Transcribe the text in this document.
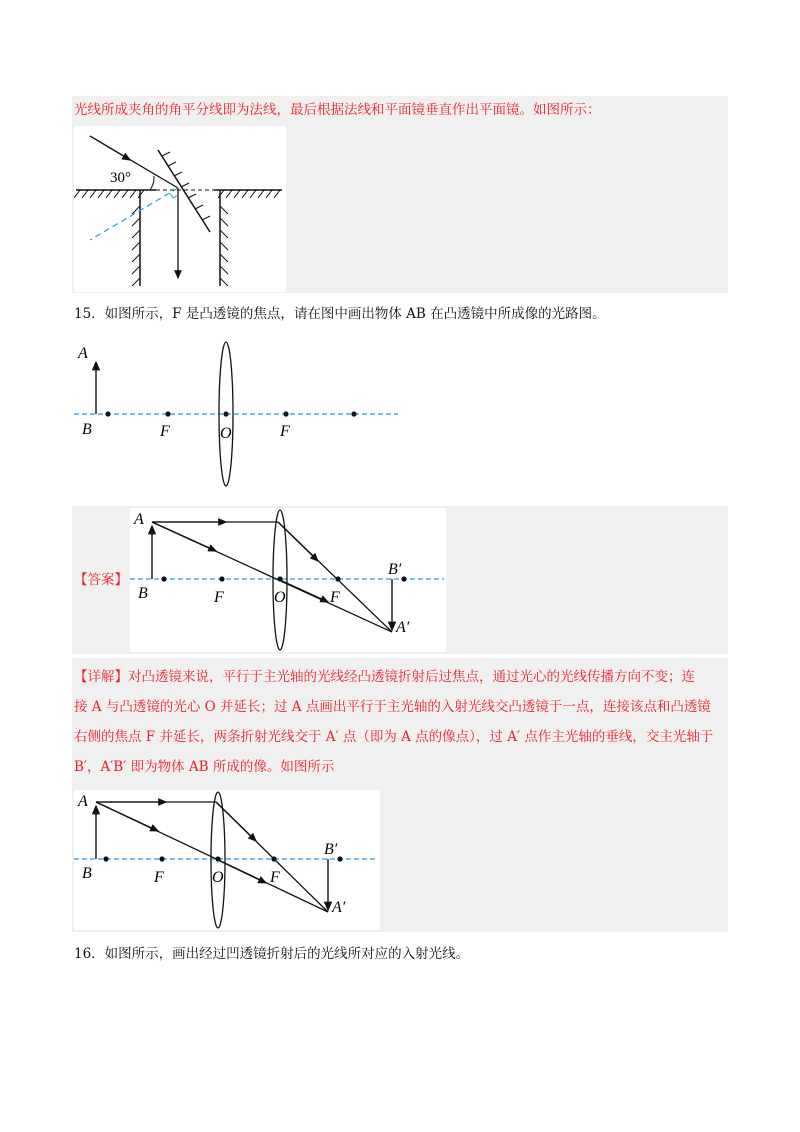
光线所成夹角的角平分线即为法线，最后根据法线和平面镜垂直作出平面镜。如图所示：
30°
15．如图所示，F 是凸透镜的焦点，请在图中画出物体 AB 在凸透镜中所成像的光路图。
A
B	F	O	F
【答案】
A
B	F	O	F
B′
A′
【详解】对凸透镜来说，平行于主光轴的光线经凸透镜折射后过焦点，通过光心的光线传播方向不变；连
接 A 与凸透镜的光心 O 并延长；过 A 点画出平行于主光轴的入射光线交凸透镜于一点，连接该点和凸透镜
右侧的焦点 F 并延长，两条折射光线交于 A′ 点（即为 A 点的像点），过 A′ 点作主光轴的垂线，交主光轴于
B′，A′B′ 即为物体 AB 所成的像。如图所示
A
B	F	O	F
B′
A′
16．如图所示，画出经过凹透镜折射后的光线所对应的入射光线。
